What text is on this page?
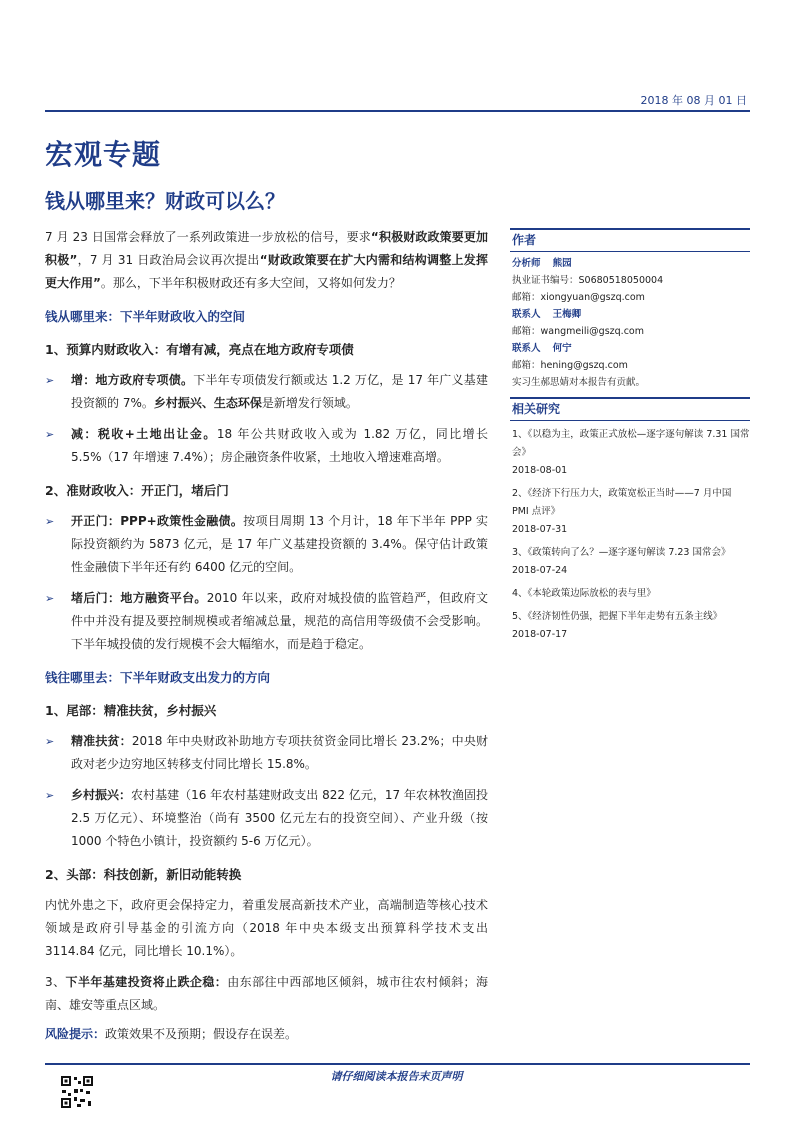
2018 年 08 月 01 日
宏观专题
钱从哪里来？财政可以么？

7 月 23 日国常会释放了一系列政策进一步放松的信号，要求“积极财政政策要更加积极”，7 月 31 日政治局会议再次提出“财政政策要在扩大内需和结构调整上发挥更大作用”。那么，下半年积极财政还有多大空间，又将如何发力？

钱从哪里来：下半年财政收入的空间
1、预算内财政收入：有增有减，亮点在地方政府专项债
➢ 增：地方政府专项债。下半年专项债发行额或达 1.2 万亿，是 17 年广义基建投资额的 7%。乡村振兴、生态环保是新增发行领域。
➢ 减：税收+土地出让金。18 年公共财政收入或为 1.82 万亿，同比增长 5.5%（17 年增速 7.4%）；房企融资条件收紧，土地收入增速难高增。
2、准财政收入：开正门，堵后门
➢ 开正门：PPP+政策性金融债。按项目周期 13 个月计，18 年下半年 PPP 实际投资额约为 5873 亿元，是 17 年广义基建投资额的 3.4%。保守估计政策性金融债下半年还有约 6400 亿元的空间。
➢ 堵后门：地方融资平台。2010 年以来，政府对城投债的监管趋严，但政府文件中并没有提及要控制规模或者缩减总量，规范的高信用等级债不会受影响。下半年城投债的发行规模不会大幅缩水，而是趋于稳定。
钱往哪里去：下半年财政支出发力的方向
1、尾部：精准扶贫，乡村振兴
➢ 精准扶贫：2018 年中央财政补助地方专项扶贫资金同比增长 23.2%；中央财政对老少边穷地区转移支付同比增长 15.8%。
➢ 乡村振兴：农村基建（16 年农村基建财政支出 822 亿元，17 年农林牧渔固投 2.5 万亿元）、环境整治（尚有 3500 亿元左右的投资空间）、产业升级（按 1000 个特色小镇计，投资额约 5-6 万亿元）。
2、头部：科技创新，新旧动能转换

内忧外患之下，政府更会保持定力，着重发展高新技术产业，高端制造等核心技术领域是政府引导基金的引流方向（2018 年中央本级支出预算科学技术支出 3114.84 亿元，同比增长 10.1%）。

3、下半年基建投资将止跌企稳：由东部往中西部地区倾斜，城市往农村倾斜；海南、雄安等重点区域。

风险提示：政策效果不及预期；假设存在误差。

作者
分析师 熊园
执业证书编号：S0680518050004
邮箱：xiongyuan@gszq.com
联系人 王梅卿
邮箱：wangmeili@gszq.com
联系人 何宁
邮箱：hening@gszq.com
实习生郝思婧对本报告有贡献。
相关研究
1、《以稳为主，政策正式放松—逐字逐句解读 7.31 国常会》
2018-08-01
2、《经济下行压力大，政策宽松正当时——7 月中国 PMI 点评》
2018-07-31
3、《政策转向了么？—逐字逐句解读 7.23 国常会》
2018-07-24
4、《本轮政策边际放松的表与里》
5、《经济韧性仍强，把握下半年走势有五条主线》
2018-07-17
请仔细阅读本报告末页声明
